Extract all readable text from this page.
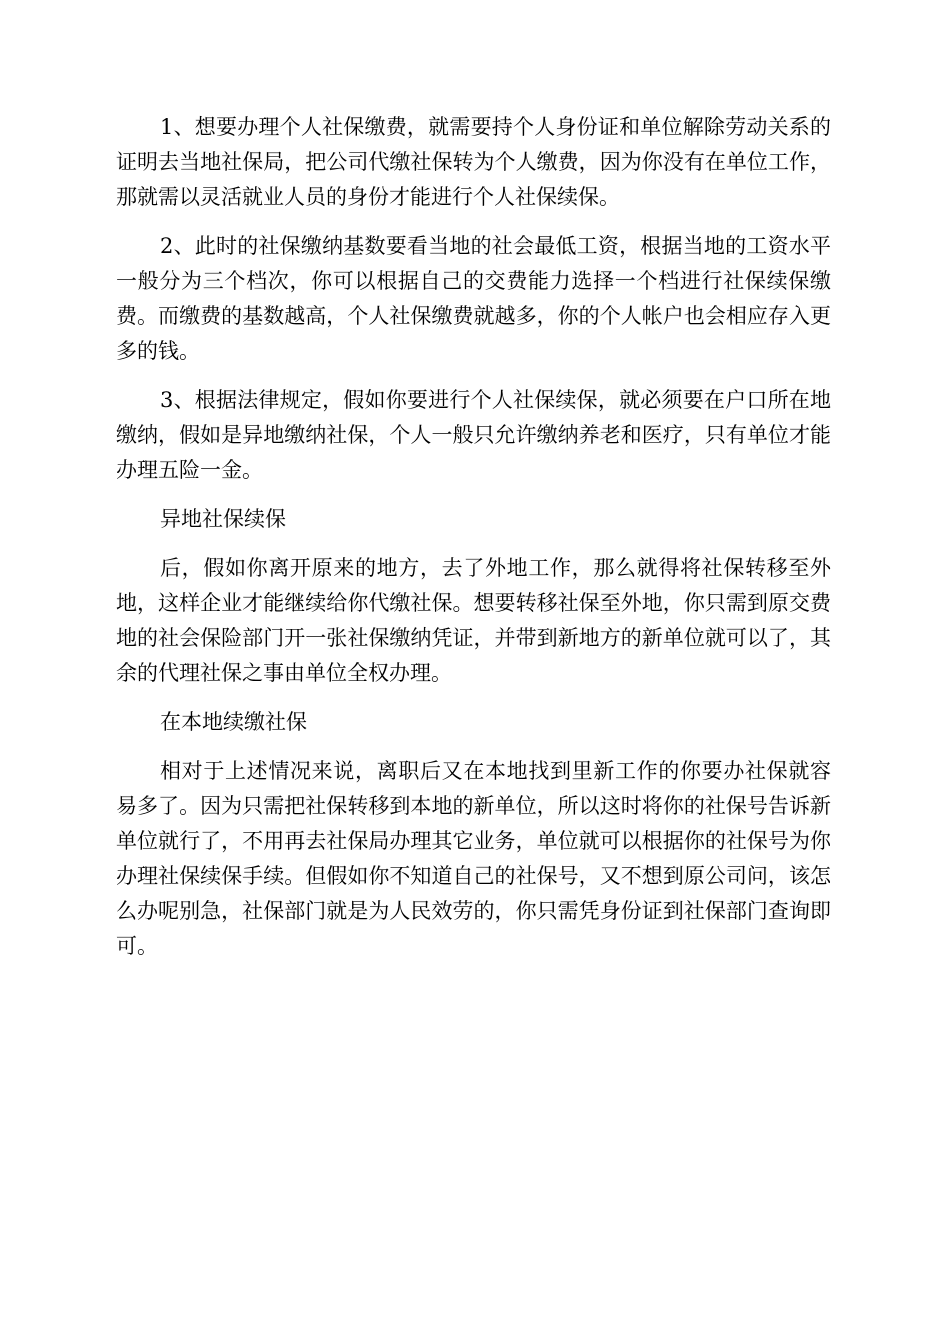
1、想要办理个人社保缴费，就需要持个人身份证和单位解除劳动关系的证明去当地社保局，把公司代缴社保转为个人缴费，因为你没有在单位工作，那就需以灵活就业人员的身份才能进行个人社保续保。

2、此时的社保缴纳基数要看当地的社会最低工资，根据当地的工资水平一般分为三个档次，你可以根据自己的交费能力选择一个档进行社保续保缴费。而缴费的基数越高，个人社保缴费就越多，你的个人帐户也会相应存入更多的钱。

3、根据法律规定，假如你要进行个人社保续保，就必须要在户口所在地缴纳，假如是异地缴纳社保，个人一般只允许缴纳养老和医疗，只有单位才能办理五险一金。

异地社保续保

后，假如你离开原来的地方，去了外地工作，那么就得将社保转移至外地，这样企业才能继续给你代缴社保。想要转移社保至外地，你只需到原交费地的社会保险部门开一张社保缴纳凭证，并带到新地方的新单位就可以了，其余的代理社保之事由单位全权办理。

在本地续缴社保

相对于上述情况来说，离职后又在本地找到里新工作的你要办社保就容易多了。因为只需把社保转移到本地的新单位，所以这时将你的社保号告诉新单位就行了，不用再去社保局办理其它业务，单位就可以根据你的社保号为你办理社保续保手续。但假如你不知道自己的社保号，又不想到原公司问，该怎么办呢别急，社保部门就是为人民效劳的，你只需凭身份证到社保部门查询即可。
